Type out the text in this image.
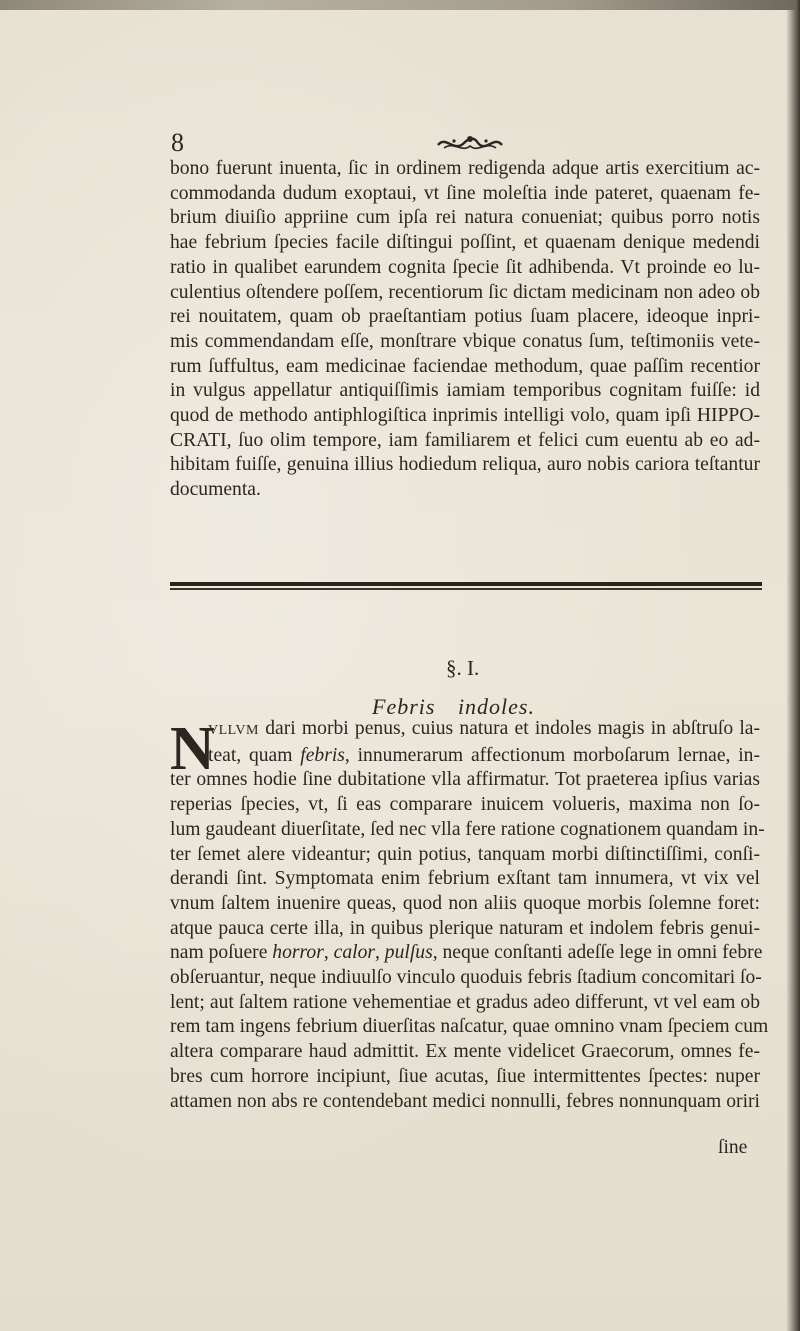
8
bono fuerunt inuenta, ſic in ordinem redigenda adque artis exercitium ac-
commodanda dudum exoptaui, vt ſine moleſtia inde pateret, quaenam fe-
brium diuiſio appriine cum ipſa rei natura conueniat; quibus porro notis
hae febrium ſpecies facile diſtingui poſſint, et quaenam denique medendi
ratio in qualibet earundem cognita ſpecie ſit adhibenda. Vt proinde eo lu-
culentius oſtendere poſſem, recentiorum ſic dictam medicinam non adeo ob
rei nouitatem, quam ob praeſtantiam potius ſuam placere, ideoque inpri-
mis commendandam eſſe, monſtrare vbique conatus ſum, teſtimoniis vete-
rum ſuffultus, eam medicinae faciendae methodum, quae paſſim recentior
in vulgus appellatur antiquiſſimis iamiam temporibus cognitam fuiſſe: id
quod de methodo antiphlogiſtica inprimis intelligi volo, quam ipſi HIPPO-
CRATI, ſuo olim tempore, iam familiarem et felici cum euentu ab eo ad-
hibitam fuiſſe, genuina illius hodiedum reliqua, auro nobis cariora teſtantur
documenta.
§. I.
Febris indoles.
N
VLLVM dari morbi penus, cuius natura et indoles magis in abſtruſo la-
teat, quam febris, innumerarum affectionum morboſarum lernae, in-
ter omnes hodie ſine dubitatione vlla affirmatur. Tot praeterea ipſius varias
reperias ſpecies, vt, ſi eas comparare inuicem volueris, maxima non ſo-
lum gaudeant diuerſitate, ſed nec vlla fere ratione cognationem quandam in-
ter ſemet alere videantur; quin potius, tanquam morbi diſtinctiſſimi, conſi-
derandi ſint. Symptomata enim febrium exſtant tam innumera, vt vix vel
vnum ſaltem inuenire queas, quod non aliis quoque morbis ſolemne foret:
atque pauca certe illa, in quibus plerique naturam et indolem febris genui-
nam poſuere horror, calor, pulſus, neque conſtanti adeſſe lege in omni febre
obſeruantur, neque indiuulſo vinculo quoduis febris ſtadium concomitari ſo-
lent; aut ſaltem ratione vehementiae et gradus adeo differunt, vt vel eam ob
rem tam ingens febrium diuerſitas naſcatur, quae omnino vnam ſpeciem cum
altera comparare haud admittit. Ex mente videlicet Graecorum, omnes fe-
bres cum horrore incipiunt, ſiue acutas, ſiue intermittentes ſpectes: nuper
attamen non abs re contendebant medici nonnulli, febres nonnunquam oriri
ſine
